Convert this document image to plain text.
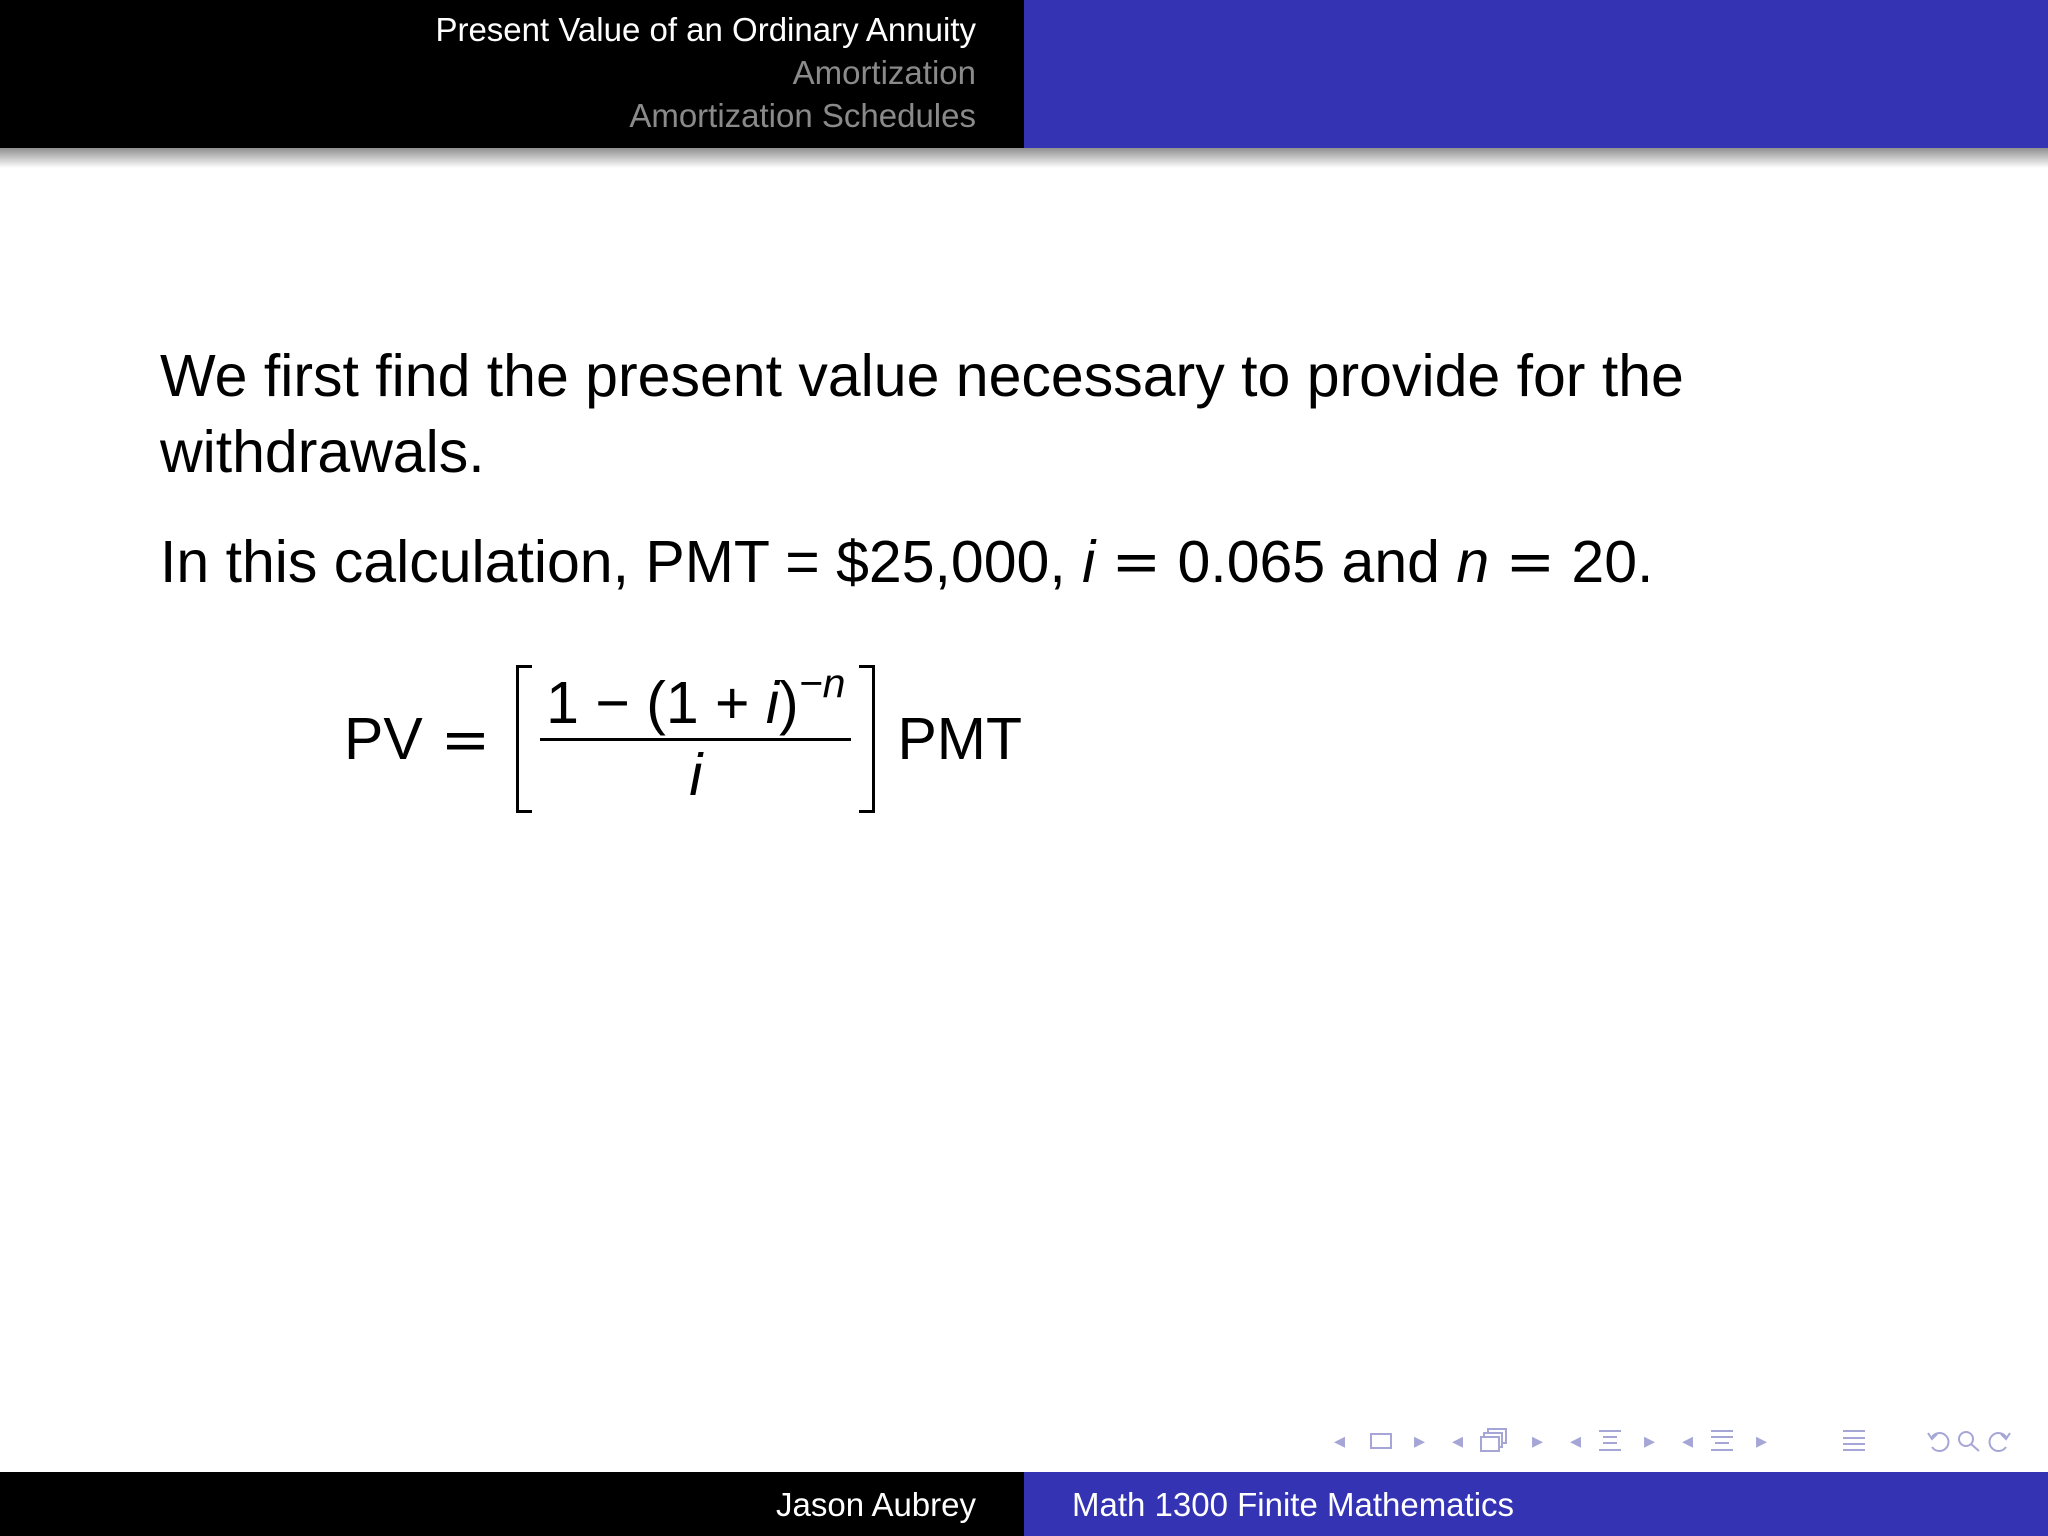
Present Value of an Ordinary Annuity
Amortization
Amortization Schedules

We first find the present value necessary to provide for the withdrawals.

In this calculation, PMT = $25,000, i = 0.065 and n = 20.

PV = $\frac{1 - (1 + i)^{-n}}{i}$ PMT
◂	▸ ◂	▸ ◂	▸ ◂	▸
Jason Aubrey	Math 1300 Finite Mathematics
